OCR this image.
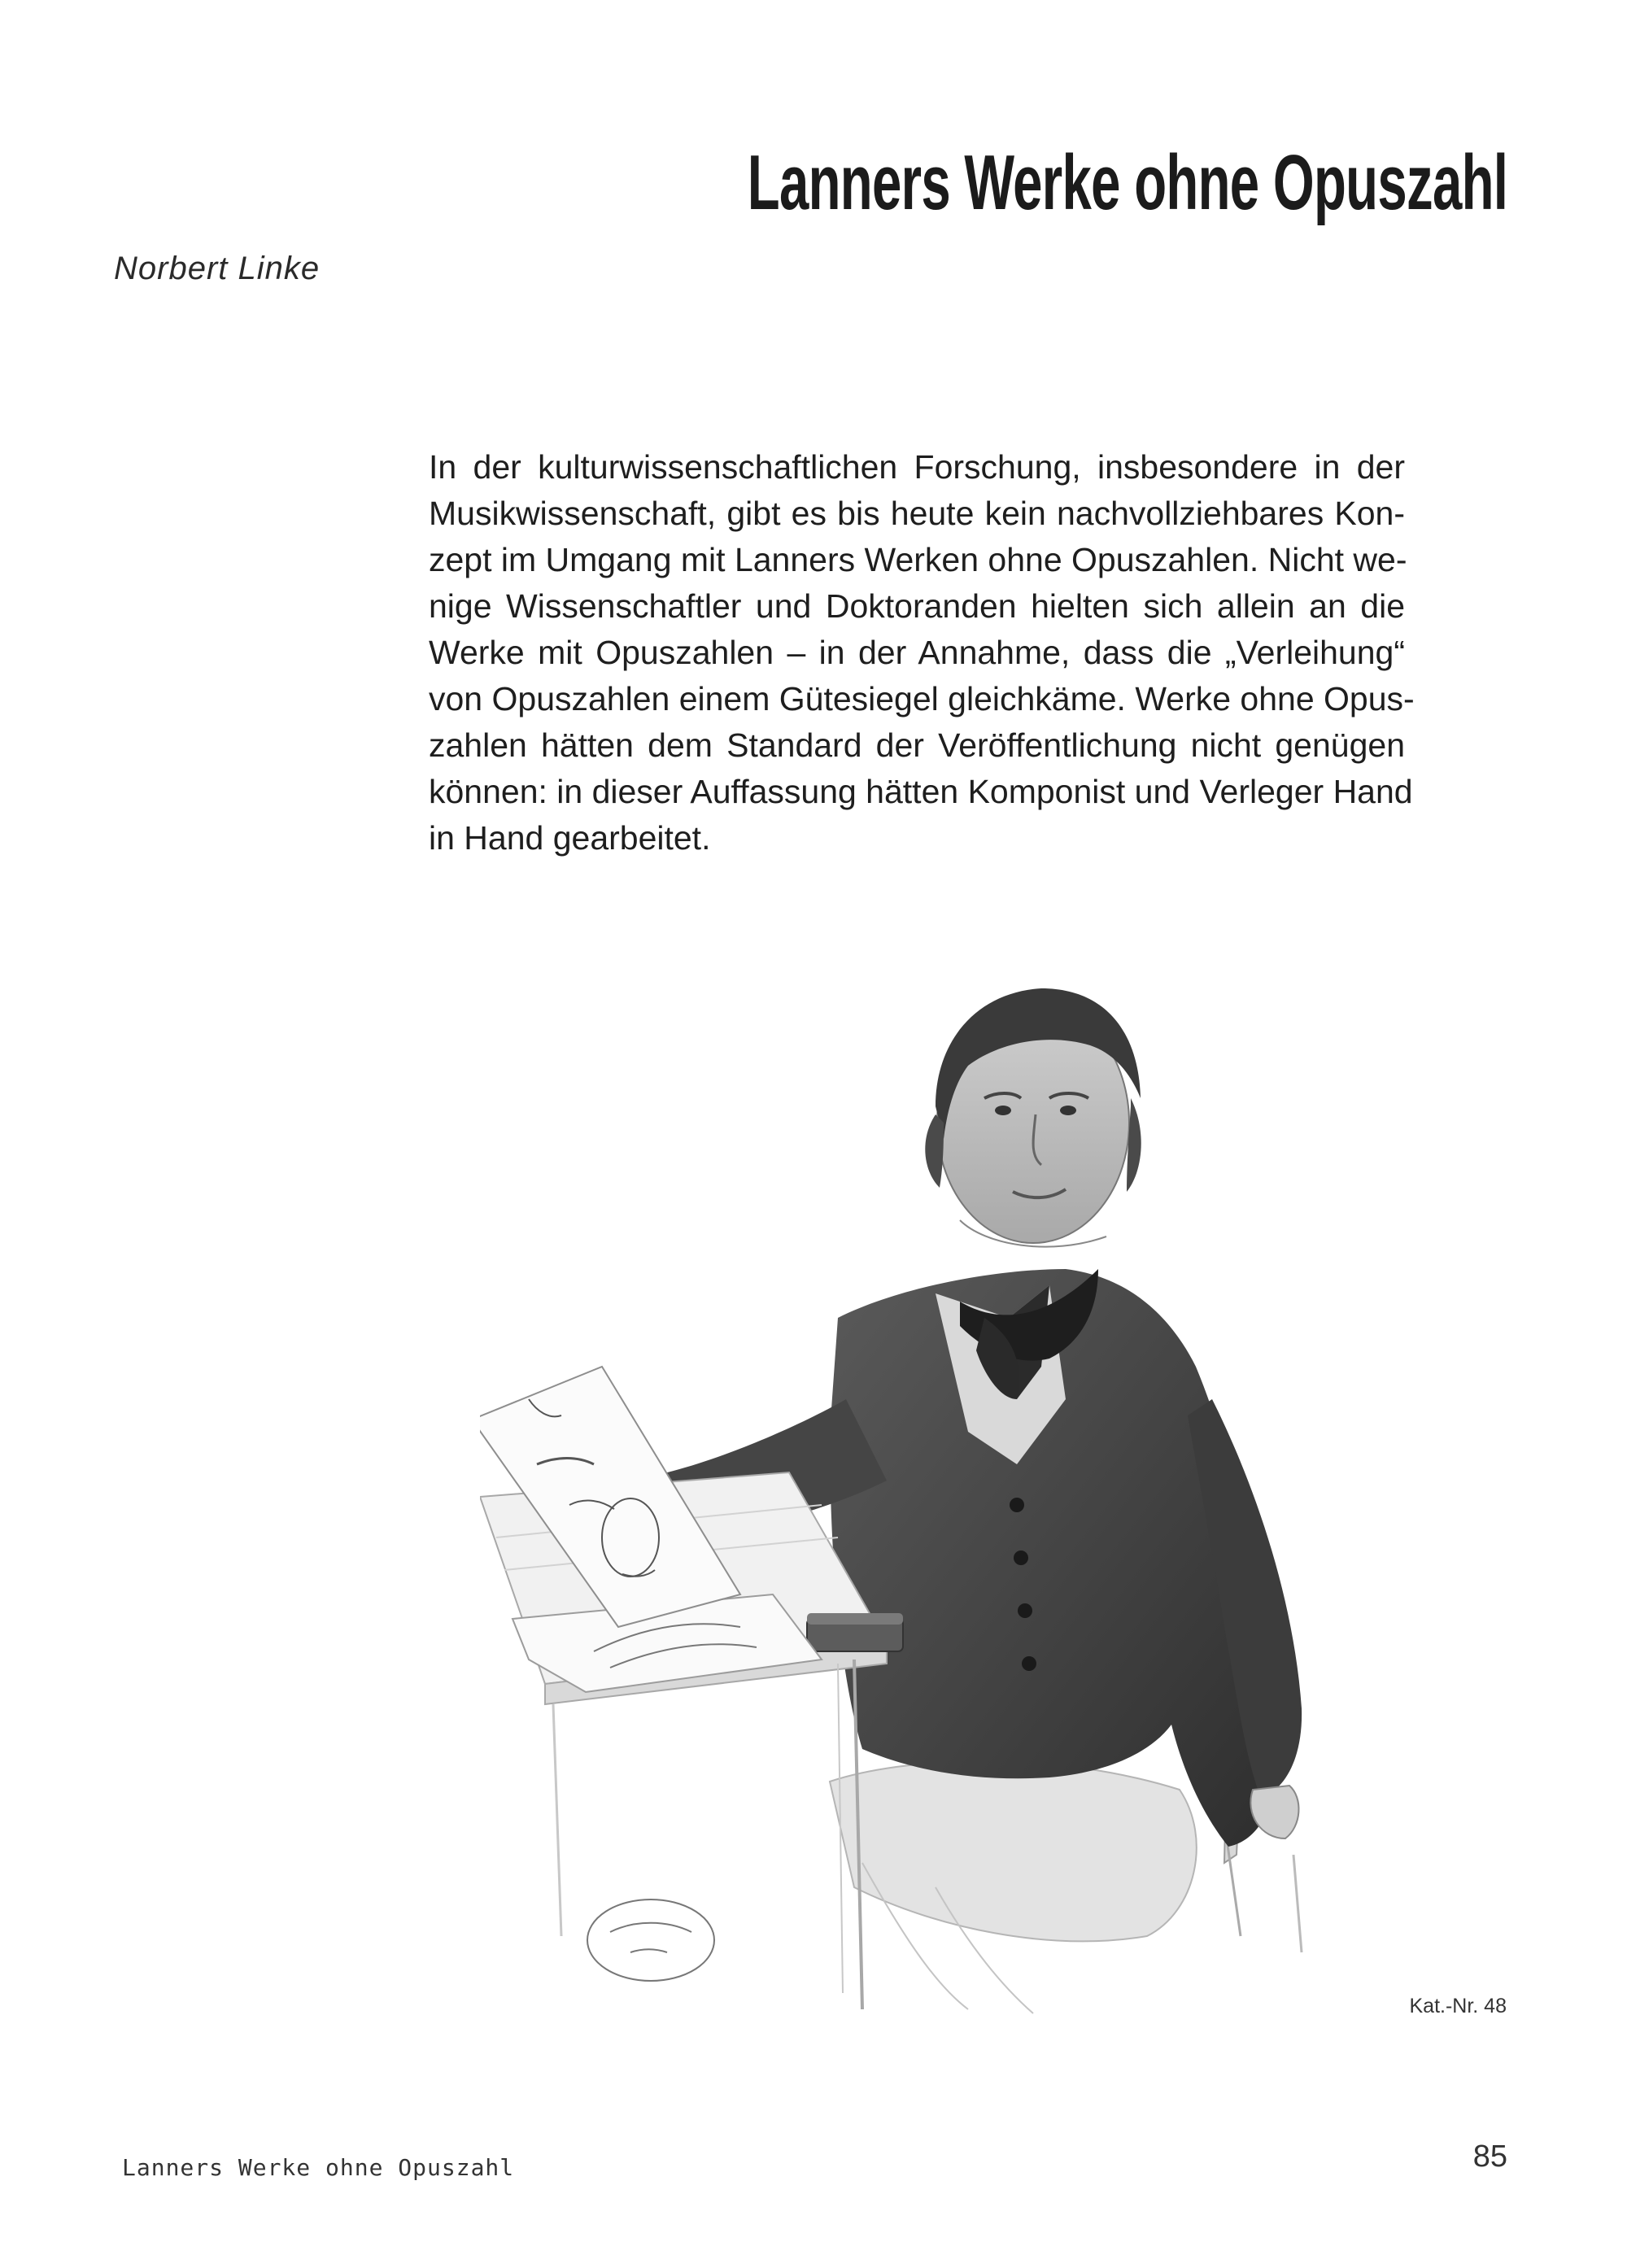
Lanners Werke ohne Opuszahl
Norbert Linke
In der kulturwissenschaftlichen Forschung, insbesondere in der
Musikwissenschaft, gibt es bis heute kein nachvollziehbares Kon-
zept im Umgang mit Lanners Werken ohne Opuszahlen. Nicht we-
nige Wissenschaftler und Doktoranden hielten sich allein an die
Werke mit Opuszahlen – in der Annahme, dass die „Verleihung“
von Opuszahlen einem Gütesiegel gleichkäme. Werke ohne Opus-
zahlen hätten dem Standard der Veröffentlichung nicht genügen
können: in dieser Auffassung hätten Komponist und Verleger Hand
in Hand gearbeitet.
Kat.-Nr. 48
Lanners Werke ohne Opuszahl	85
